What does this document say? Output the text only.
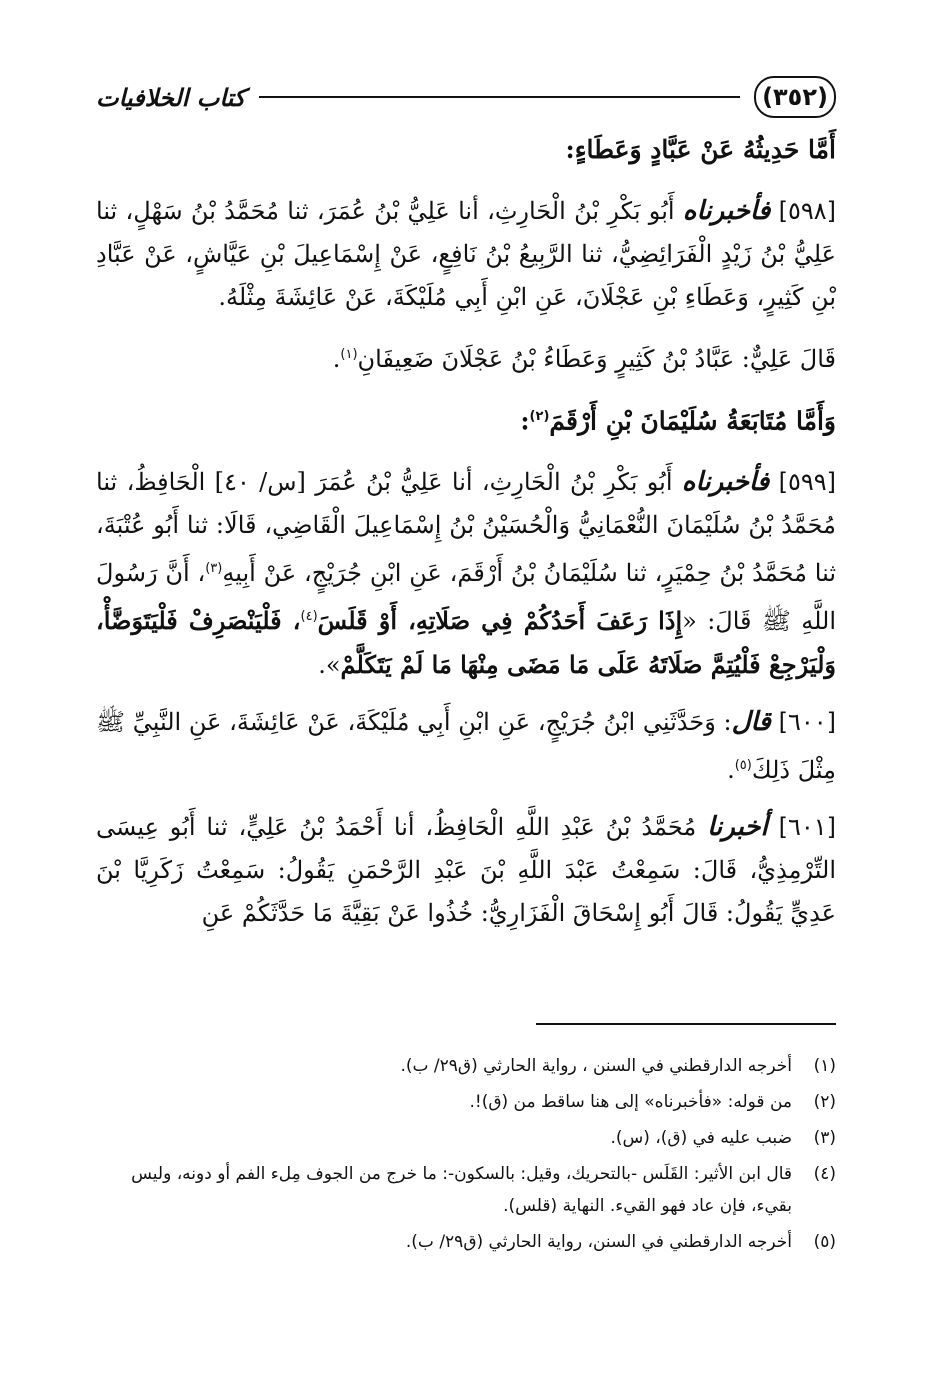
(٣٥٢)
كتاب الخلافيات
أَمَّا حَدِيثُهُ عَنْ عَبَّادٍ وَعَطَاءٍ:

[٥٩٨] فأخبرناه أَبُو بَكْرِ بْنُ الْحَارِثِ، أنا عَلِيُّ بْنُ عُمَرَ، ثنا مُحَمَّدُ بْنُ سَهْلٍ، ثنا عَلِيُّ بْنُ زَيْدٍ الْفَرَائِضِيُّ، ثنا الرَّبِيعُ بْنُ نَافِعٍ، عَنْ إِسْمَاعِيلَ بْنِ عَيَّاشٍ، عَنْ عَبَّادِ بْنِ كَثِيرٍ، وَعَطَاءِ بْنِ عَجْلَانَ، عَنِ ابْنِ أَبِي مُلَيْكَةَ، عَنْ عَائِشَةَ مِثْلَهُ.

قَالَ عَلِيٌّ: عَبَّادُ بْنُ كَثِيرٍ وَعَطَاءُ بْنُ عَجْلَانَ ضَعِيفَانِ$^{(١)}$.

وَأَمَّا مُتَابَعَةُ سُلَيْمَانَ بْنِ أَرْقَمَ$^{(٢)}$:

[٥٩٩] فأخبرناه أَبُو بَكْرِ بْنُ الْحَارِثِ، أنا عَلِيُّ بْنُ عُمَرَ [س/ ٤٠] الْحَافِظُ، ثنا مُحَمَّدُ بْنُ سُلَيْمَانَ النُّعْمَانِيُّ وَالْحُسَيْنُ بْنُ إِسْمَاعِيلَ الْقَاضِي، قَالَا: ثنا أَبُو عُتْبَةَ، ثنا مُحَمَّدُ بْنُ حِمْيَرٍ، ثنا سُلَيْمَانُ بْنُ أَرْقَمَ، عَنِ ابْنِ جُرَيْجٍ، عَنْ أَبِيهِ$^{(٣)}$، أَنَّ رَسُولَ اللَّهِ ﷺ قَالَ: «إِذَا رَعَفَ أَحَدُكُمْ فِي صَلَاتِهِ، أَوْ قَلَسَ$^{(٤)}$، فَلْيَنْصَرِفْ فَلْيَتَوَضَّأْ، وَلْيَرْجِعْ فَلْيُتِمَّ صَلَاتَهُ عَلَى مَا مَضَى مِنْهَا مَا لَمْ يَتَكَلَّمْ».

[٦٠٠] قال: وَحَدَّثَنِي ابْنُ جُرَيْجٍ، عَنِ ابْنِ أَبِي مُلَيْكَةَ، عَنْ عَائِشَةَ، عَنِ النَّبِيِّ ﷺ مِثْلَ ذَلِكَ$^{(٥)}$.

[٦٠١] أخبرنا مُحَمَّدُ بْنُ عَبْدِ اللَّهِ الْحَافِظُ، أنا أَحْمَدُ بْنُ عَلِيٍّ، ثنا أَبُو عِيسَى التِّرْمِذِيُّ، قَالَ: سَمِعْتُ عَبْدَ اللَّهِ بْنَ عَبْدِ الرَّحْمَنِ يَقُولُ: سَمِعْتُ زَكَرِيَّا بْنَ عَدِيٍّ يَقُولُ: قَالَ أَبُو إِسْحَاقَ الْفَزَارِيُّ: خُذُوا عَنْ بَقِيَّةَ مَا حَدَّثَكُمْ عَنِ

(١)
أخرجه الدارقطني في السنن ، رواية الحارثي (ق٢٩/ ب).
(٢)
من قوله: «فأخبرناه» إلى هنا ساقط من (ق)!.
(٣)
ضبب عليه في (ق)، (س).
(٤)
قال ابن الأثير: القَلَس -بالتحريك، وقيل: بالسكون-: ما خرج من الجوف مِلء الفم أو دونه، وليس بقيء، فإن عاد فهو القيء. النهاية (قلس).
(٥)
أخرجه الدارقطني في السنن، رواية الحارثي (ق٢٩/ ب).
